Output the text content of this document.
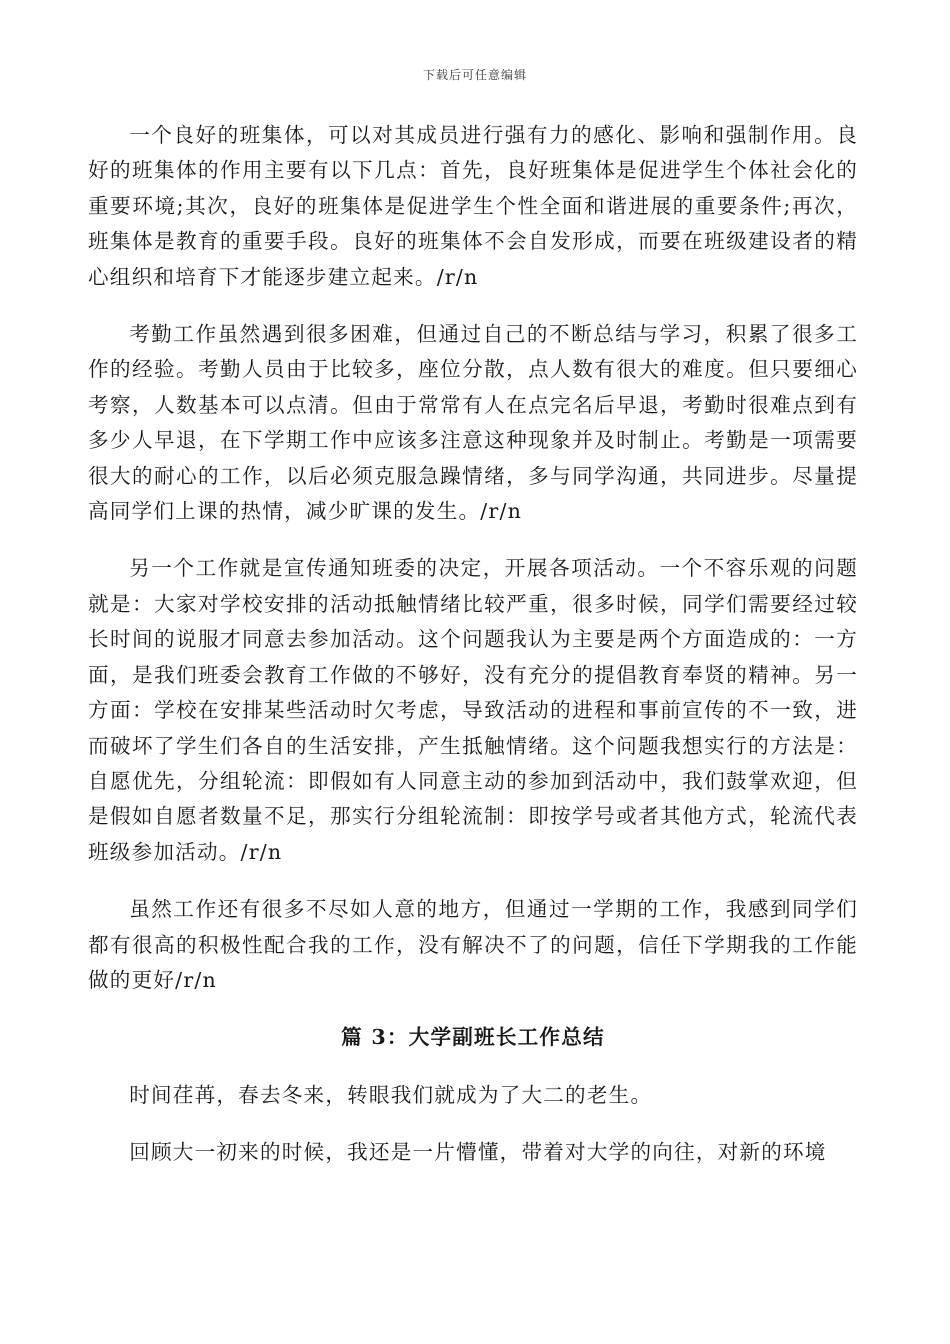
下载后可任意编辑

一个良好的班集体，可以对其成员进行强有力的感化、影响和强制作用。良好的班集体的作用主要有以下几点：首先，良好班集体是促进学生个体社会化的重要环境;其次，良好的班集体是促进学生个性全面和谐进展的重要条件;再次，班集体是教育的重要手段。良好的班集体不会自发形成，而要在班级建设者的精心组织和培育下才能逐步建立起来。/r/n

考勤工作虽然遇到很多困难，但通过自己的不断总结与学习，积累了很多工作的经验。考勤人员由于比较多，座位分散，点人数有很大的难度。但只要细心考察，人数基本可以点清。但由于常常有人在点完名后早退，考勤时很难点到有多少人早退，在下学期工作中应该多注意这种现象并及时制止。考勤是一项需要很大的耐心的工作，以后必须克服急躁情绪，多与同学沟通，共同进步。尽量提高同学们上课的热情，减少旷课的发生。/r/n

另一个工作就是宣传通知班委的决定，开展各项活动。一个不容乐观的问题就是：大家对学校安排的活动抵触情绪比较严重，很多时候，同学们需要经过较长时间的说服才同意去参加活动。这个问题我认为主要是两个方面造成的：一方面，是我们班委会教育工作做的不够好，没有充分的提倡教育奉贤的精神。另一方面：学校在安排某些活动时欠考虑，导致活动的进程和事前宣传的不一致，进而破坏了学生们各自的生活安排，产生抵触情绪。这个问题我想实行的方法是：自愿优先，分组轮流：即假如有人同意主动的参加到活动中，我们鼓掌欢迎，但是假如自愿者数量不足，那实行分组轮流制：即按学号或者其他方式，轮流代表班级参加活动。/r/n

虽然工作还有很多不尽如人意的地方，但通过一学期的工作，我感到同学们都有很高的积极性配合我的工作，没有解决不了的问题，信任下学期我的工作能做的更好/r/n

篇 3：大学副班长工作总结

时间荏苒，春去冬来，转眼我们就成为了大二的老生。

回顾大一初来的时候，我还是一片懵懂，带着对大学的向往，对新的环境
